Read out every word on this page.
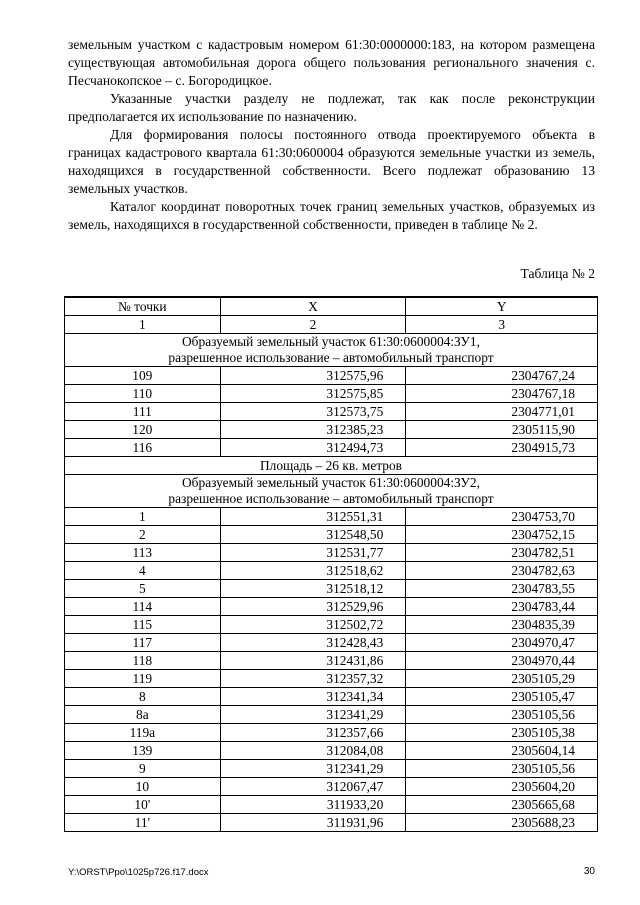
земельным участком с кадастровым номером 61:30:0000000:183, на котором размещена существующая автомобильная дорога общего пользования регионального значения с. Песчанокопское – с. Богородицкое.

Указанные участки разделу не подлежат, так как после реконструкции предполагается их использование по назначению.

Для формирования полосы постоянного отвода проектируемого объекта в границах кадастрового квартала 61:30:0600004 образуются земельные участки из земель, находящихся в государственной собственности. Всего подлежат образованию 13 земельных участков.

Каталог координат поворотных точек границ земельных участков, образуемых из земель, находящихся в государственной собственности, приведен в таблице № 2.

Таблица № 2
№ точки	X	Y
1	2	3

Образуемый земельный участок 61:30:0600004:ЗУ1,
разрешенное использование – автомобильный транспорт		

109	312575,96	2304767,24
110	312575,85	2304767,18
111	312573,75	2304771,01
120	312385,23	2305115,90
116	312494,73	2304915,73
Площадь – 26 кв. метров		

Образуемый земельный участок 61:30:0600004:ЗУ2,
разрешенное использование – автомобильный транспорт		

1	312551,31	2304753,70
2	312548,50	2304752,15
113	312531,77	2304782,51
4	312518,62	2304782,63
5	312518,12	2304783,55
114	312529,96	2304783,44
115	312502,72	2304835,39
117	312428,43	2304970,47
118	312431,86	2304970,44
119	312357,32	2305105,29
8	312341,34	2305105,47
8а	312341,29	2305105,56
119а	312357,66	2305105,38
139	312084,08	2305604,14
9	312341,29	2305105,56
10	312067,47	2305604,20
10'	311933,20	2305665,68
11'	311931,96	2305688,23
Y:\ORST\Ppo\1025p726.f17.docx	30
